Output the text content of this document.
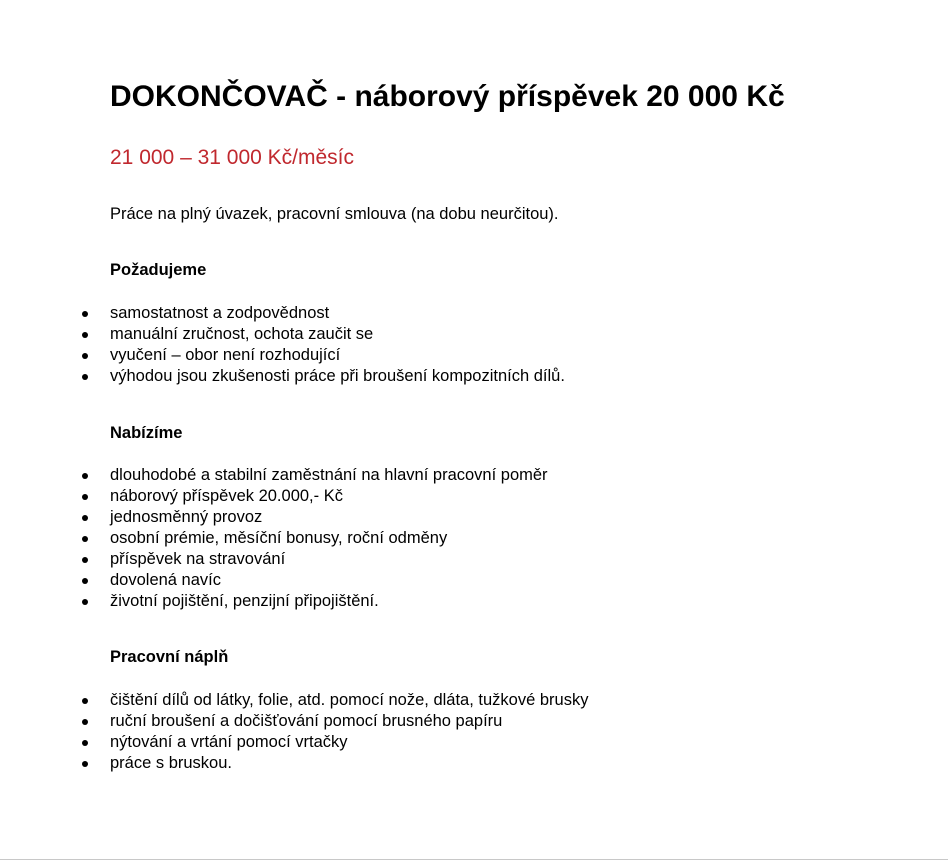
DOKONČOVAČ - náborový příspěvek 20 000 Kč
21 000 – 31 000 Kč/měsíc
Práce na plný úvazek, pracovní smlouva (na dobu neurčitou).
Požadujeme
samostatnost a zodpovědnost
manuální zručnost, ochota zaučit se
vyučení – obor není rozhodující
výhodou jsou zkušenosti práce při broušení kompozitních dílů.
Nabízíme
dlouhodobé a stabilní zaměstnání na hlavní pracovní poměr
náborový příspěvek 20.000,- Kč
jednosměnný provoz
osobní prémie, měsíční bonusy, roční odměny
příspěvek na stravování
dovolená navíc
životní pojištění, penzijní připojištění.
Pracovní náplň
čištění dílů od látky, folie, atd. pomocí nože, dláta, tužkové brusky
ruční broušení a dočišťování pomocí brusného papíru
nýtování a vrtání pomocí vrtačky
práce s bruskou.
